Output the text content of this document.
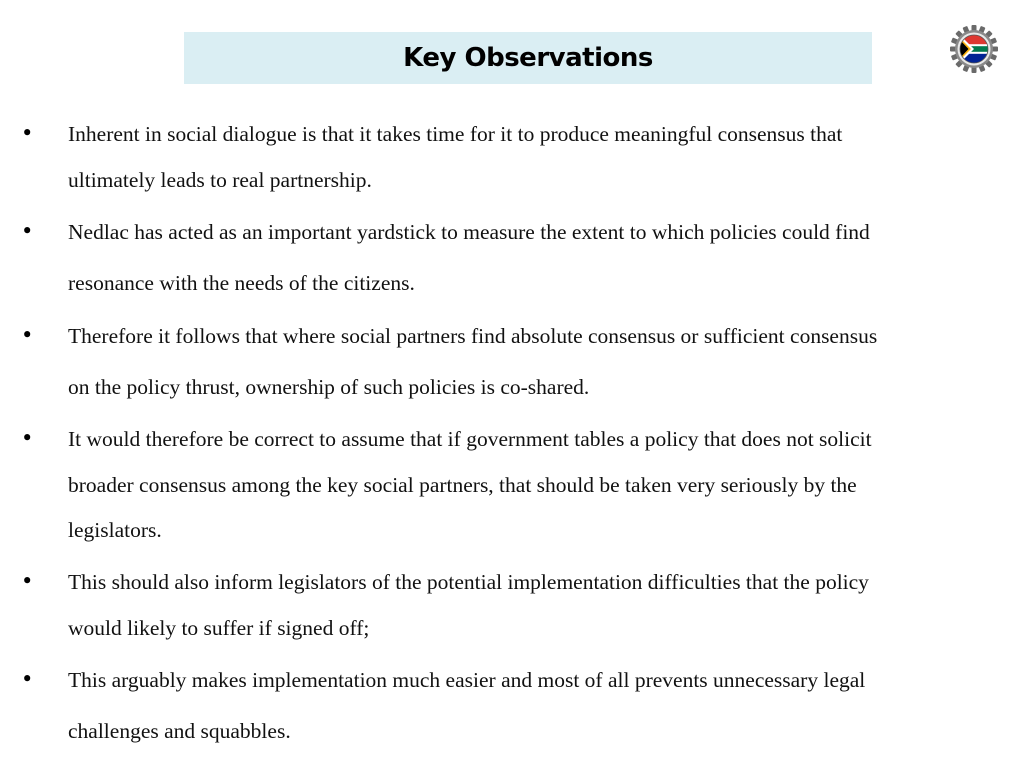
Key Observations
• Inherent in social dialogue is that it takes time for it to produce meaningful consensus that
ultimately leads to real partnership.
• Nedlac has acted as an important yardstick to measure the extent to which policies could find
resonance with the needs of the citizens.
• Therefore it follows that where social partners find absolute consensus or sufficient consensus
on the policy thrust, ownership of such policies is co-shared.
• It would therefore be correct to assume that if government tables a policy that does not solicit
broader consensus among the key social partners, that should be taken very seriously by the
legislators.
• This should also inform legislators of the potential implementation difficulties that the policy
would likely to suffer if signed off;
• This arguably makes implementation much easier and most of all prevents unnecessary legal
challenges and squabbles.
